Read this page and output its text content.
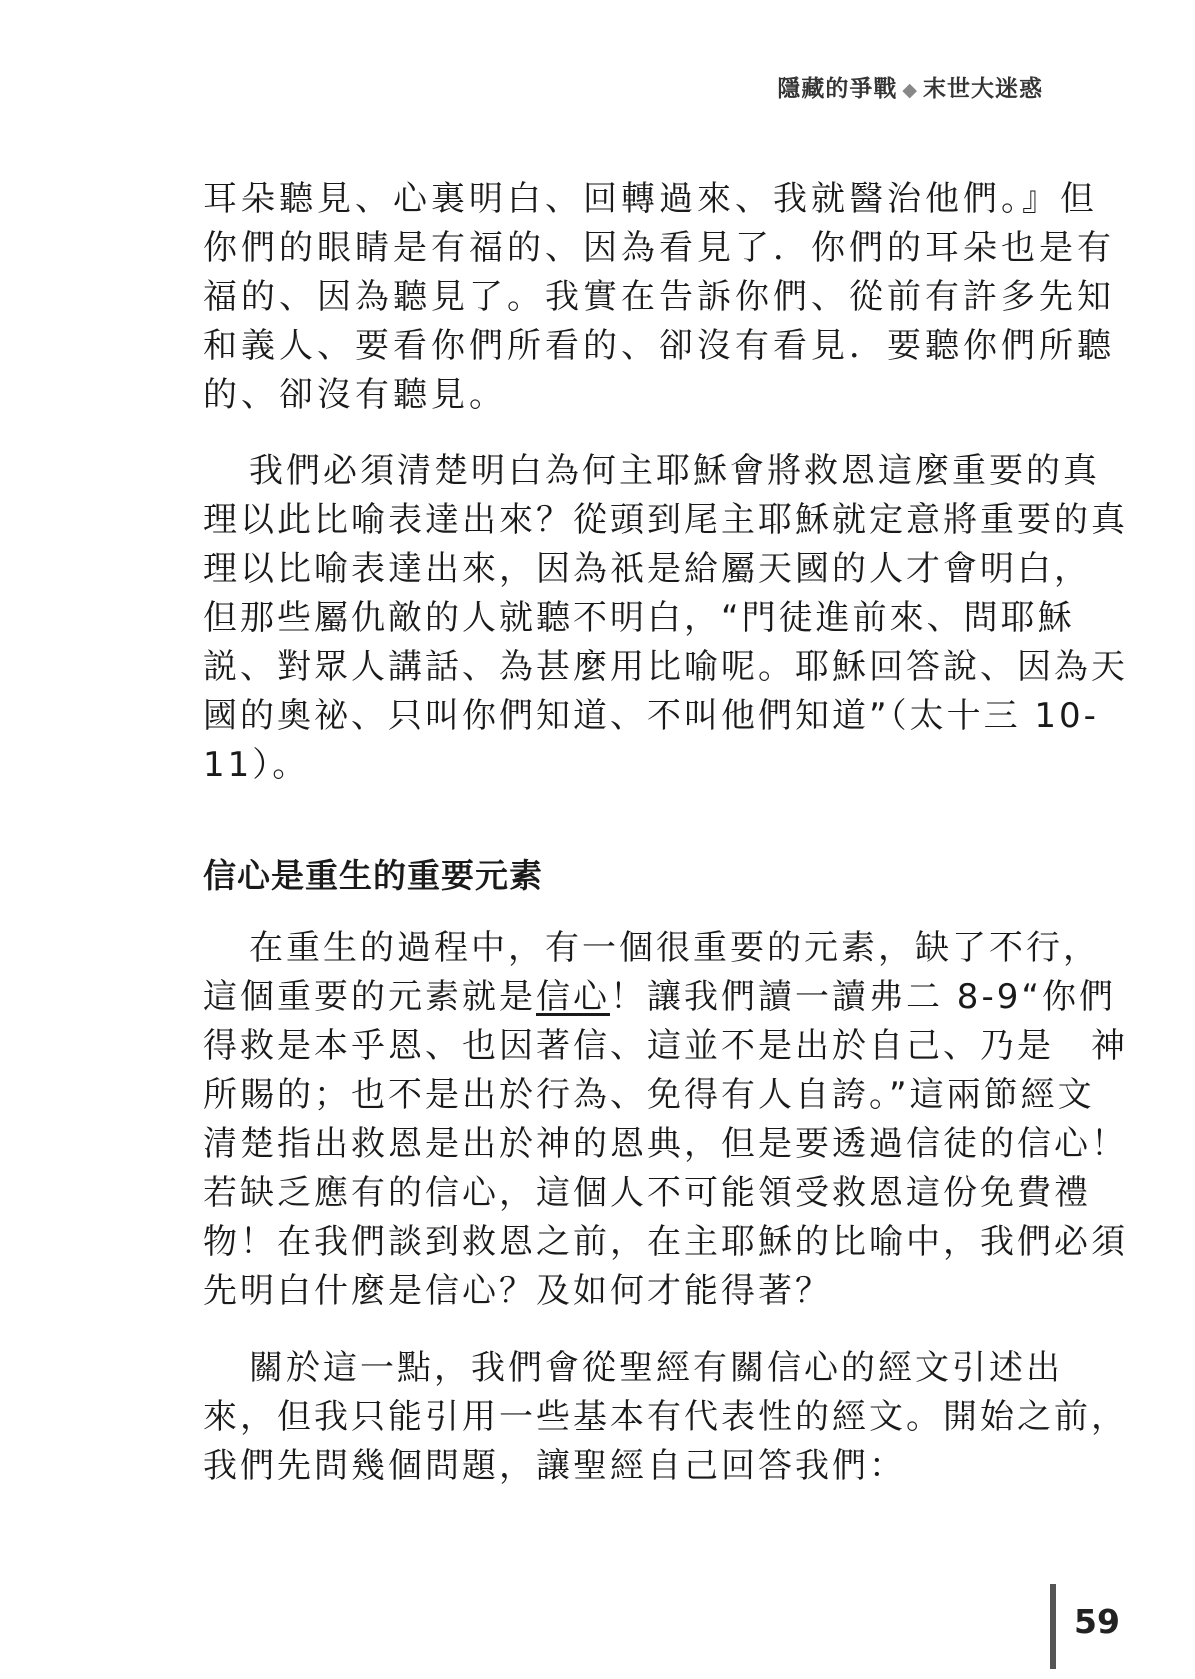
隱藏的爭戰 ◆ 末世大迷惑

耳朵聽見、心裏明白、回轉過來、我就醫治他們。』但
你們的眼睛是有福的、因為看見了．你們的耳朵也是有
福的、因為聽見了。我實在告訴你們、從前有許多先知
和義人、要看你們所看的、卻沒有看見．要聽你們所聽
的、卻沒有聽見。

我們必須清楚明白為何主耶穌會將救恩這麼重要的真
理以此比喻表達出來？從頭到尾主耶穌就定意將重要的真
理以比喻表達出來，因為祇是給屬天國的人才會明白，
但那些屬仇敵的人就聽不明白，“門徒進前來、問耶穌
説、對眾人講話、為甚麼用比喻呢。耶穌回答說、因為天
國的奧祕、只叫你們知道、不叫他們知道”（太十三 10-
11）。

信心是重生的重要元素

在重生的過程中，有一個很重要的元素，缺了不行，
這個重要的元素就是信心！讓我們讀一讀弗二 8-9“你們
得救是本乎恩、也因著信、這並不是出於自己、乃是　神
所賜的；也不是出於行為、免得有人自誇。”這兩節經文
清楚指出救恩是出於神的恩典，但是要透過信徒的信心！
若缺乏應有的信心，這個人不可能領受救恩這份免費禮
物！在我們談到救恩之前，在主耶穌的比喻中，我們必須
先明白什麼是信心？及如何才能得著？

關於這一點，我們會從聖經有關信心的經文引述出
來，但我只能引用一些基本有代表性的經文。開始之前，
我們先問幾個問題，讓聖經自己回答我們：

59
